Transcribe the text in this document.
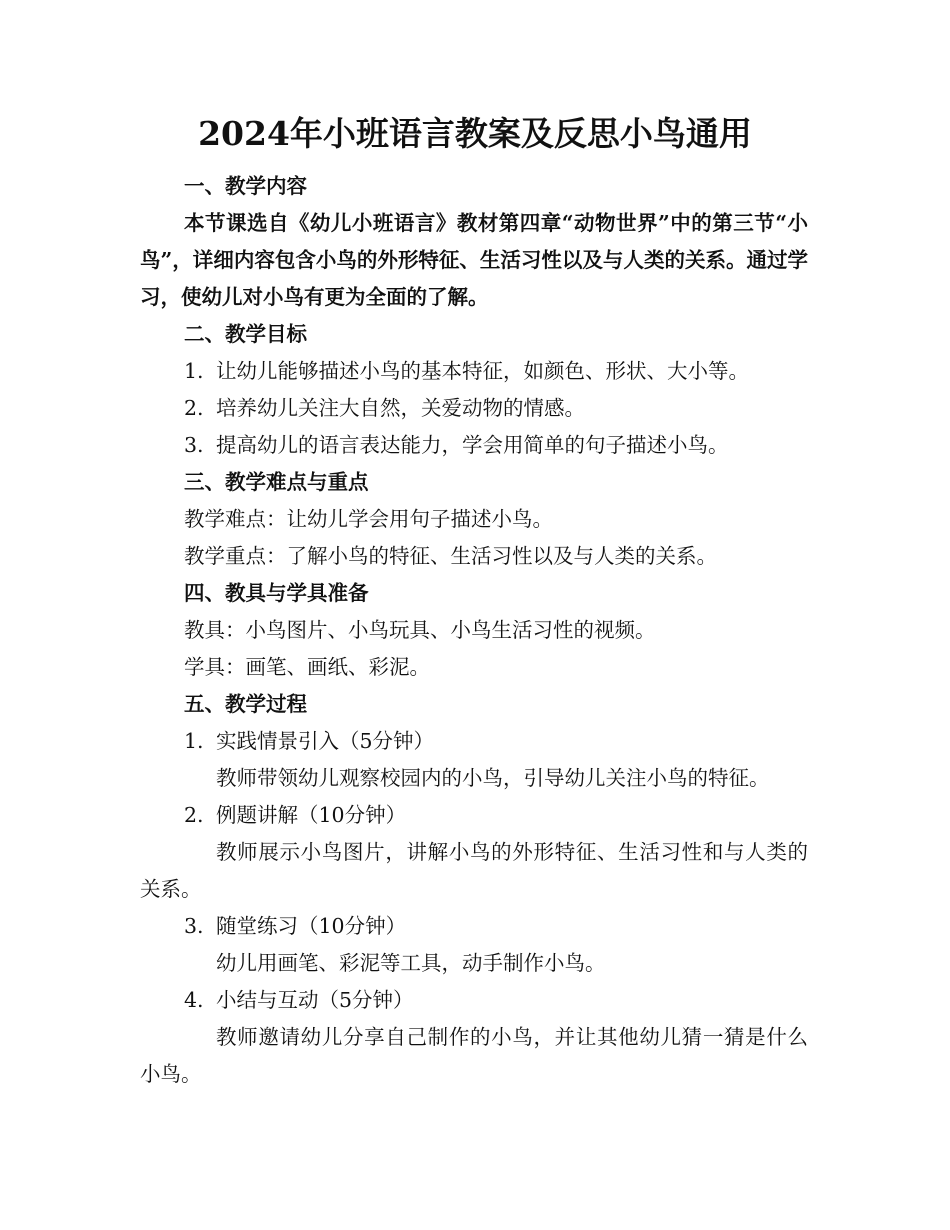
2024年小班语言教案及反思小鸟通用
一、教学内容
本节课选自《幼儿小班语言》教材第四章“动物世界”中的第三节“小鸟”，详细内容包含小鸟的外形特征、生活习性以及与人类的关系。通过学习，使幼儿对小鸟有更为全面的了解。
二、教学目标
1. 让幼儿能够描述小鸟的基本特征，如颜色、形状、大小等。
2. 培养幼儿关注大自然，关爱动物的情感。
3. 提高幼儿的语言表达能力，学会用简单的句子描述小鸟。
三、教学难点与重点
教学难点：让幼儿学会用句子描述小鸟。
教学重点：了解小鸟的特征、生活习性以及与人类的关系。
四、教具与学具准备
教具：小鸟图片、小鸟玩具、小鸟生活习性的视频。
学具：画笔、画纸、彩泥。
五、教学过程
1. 实践情景引入（5分钟）
教师带领幼儿观察校园内的小鸟，引导幼儿关注小鸟的特征。
2. 例题讲解（10分钟）
教师展示小鸟图片，讲解小鸟的外形特征、生活习性和与人类的关系。
3. 随堂练习（10分钟）
幼儿用画笔、彩泥等工具，动手制作小鸟。
4. 小结与互动（5分钟）
教师邀请幼儿分享自己制作的小鸟，并让其他幼儿猜一猜是什么小鸟。
